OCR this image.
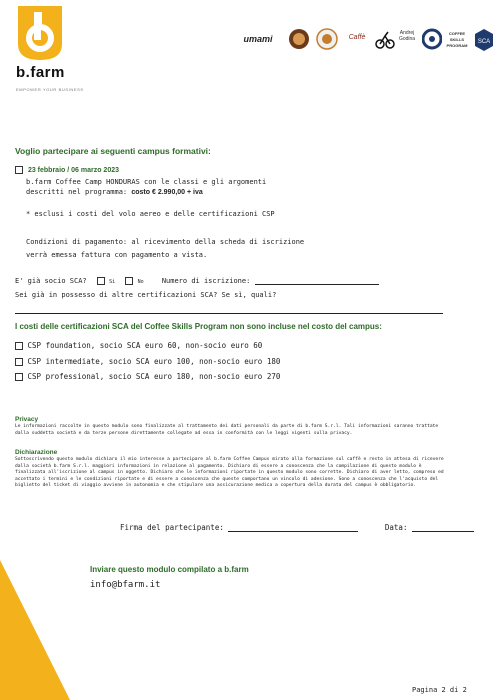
b.farm
EMPOWER YOUR BUSINESS
umami	Caffè
Andrej Godina
COFFEE SKILLS PROGRAM
SCA
Voglio partecipare ai seguenti campus formativi:
23 febbraio / 06 marzo 2023
b.farm Coffee Camp HONDURAS con le classi e gli argomenti
descritti nel programma: costo € 2.990,00 + iva
* esclusi i costi del volo aereo e delle certificazioni CSP
Condizioni di pagamento: al ricevimento della scheda di iscrizione
verrà emessa fattura con pagamento a vista.
E' già socio SCA?	Sì	No	Numero di iscrizione:
Sei già in possesso di altre certificazioni SCA? Se sì, quali?
I costi delle certificazioni SCA del Coffee Skills Program non sono incluse nel costo del campus:
CSP foundation, socio SCA euro 60, non-socio euro 60
CSP intermediate, socio SCA euro 100, non-socio euro 180
CSP professional, socio SCA euro 180, non-socio euro 270
Privacy
Le informazioni raccolte in questo modulo sono finalizzate al trattamento dei dati personali da parte di b.farm S.r.l. Tali informazioni saranno trattate dalla suddetta società e da terze persone direttamente collegate ad essa in conformità con le leggi vigenti sulla privacy.
Dichiarazione
Sottoscrivendo questo modulo dichiaro il mio interesse a partecipare al b.farm Coffee Campus mirato alla formazione sul caffè e resto in attesa di ricevere dalla società b.farm S.r.l. maggiori informazioni in relazione al pagamento. Dichiaro di essere a conoscenza che la compilazione di questo modulo è finalizzata all'iscrizione al campus in oggetto. Dichiaro che le informazioni riportate in questo modulo sono corrette. Dichiaro di aver letto, compreso ed accettato i termini e le condizioni riportate e di essere a conoscenza che queste comportano un vincolo di adesione. Sono a conoscenza che l'acquisto del biglietto del ticket di viaggio avviene in autonomia e che stipulare una assicurazione medica a copertura della durata del campus è obbligatorio.
Firma del partecipante:	Data:
Inviare questo modulo compilato a b.farm
info@bfarm.it
Pagina 2 di 2
